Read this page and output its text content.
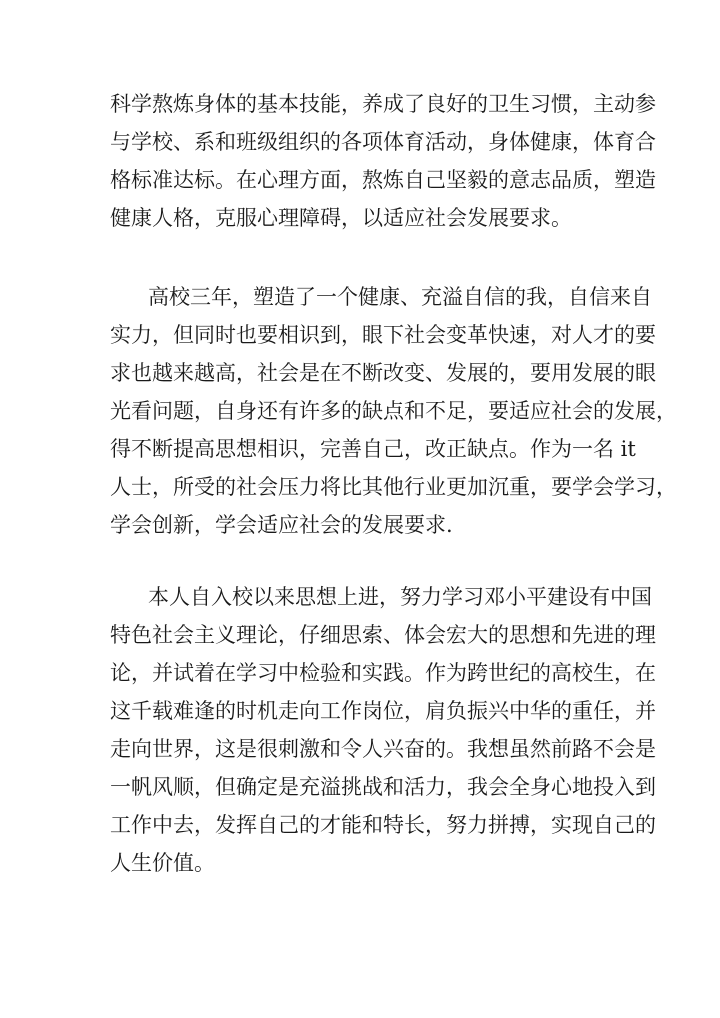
科学熬炼身体的基本技能，养成了良好的卫生习惯，主动参
与学校、系和班级组织的各项体育活动，身体健康，体育合
格标准达标。在心理方面，熬炼自己坚毅的意志品质，塑造
健康人格，克服心理障碍，以适应社会发展要求。
高校三年，塑造了一个健康、充溢自信的我，自信来自
实力，但同时也要相识到，眼下社会变革快速，对人才的要
求也越来越高，社会是在不断改变、发展的，要用发展的眼
光看问题，自身还有许多的缺点和不足，要适应社会的发展，
得不断提高思想相识，完善自己，改正缺点。作为一名 it
人士，所受的社会压力将比其他行业更加沉重，要学会学习，
学会创新，学会适应社会的发展要求.
本人自入校以来思想上进，努力学习邓小平建设有中国
特色社会主义理论，仔细思索、体会宏大的思想和先进的理
论，并试着在学习中检验和实践。作为跨世纪的高校生，在
这千载难逢的时机走向工作岗位，肩负振兴中华的重任，并
走向世界，这是很刺激和令人兴奋的。我想虽然前路不会是
一帆风顺，但确定是充溢挑战和活力，我会全身心地投入到
工作中去，发挥自己的才能和特长，努力拼搏，实现自己的
人生价值。
